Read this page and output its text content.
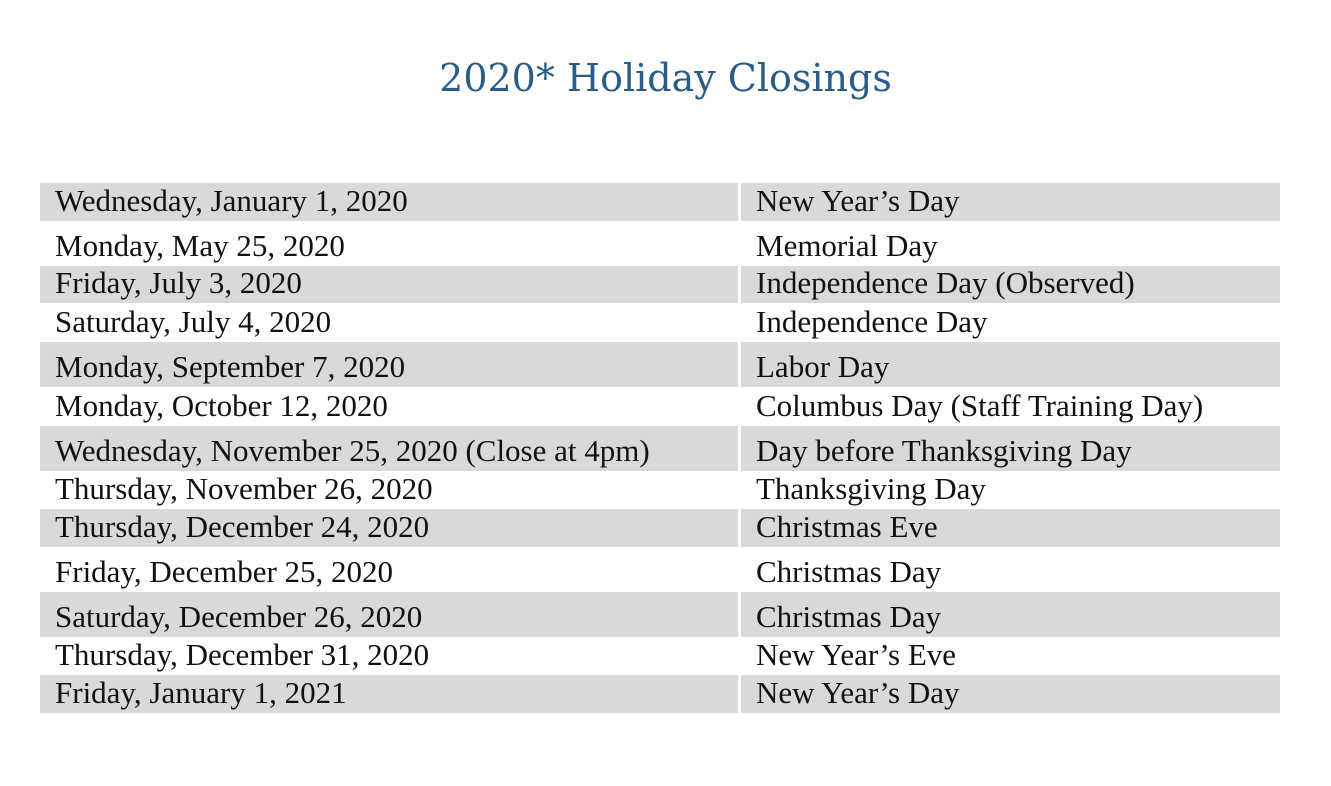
2020* Holiday Closings
Wednesday, January 1, 2020	New Year’s Day
Monday, May 25, 2020	Memorial Day
Friday, July 3, 2020	Independence Day (Observed)
Saturday, July 4, 2020	Independence Day
Monday, September 7, 2020	Labor Day
Monday, October 12, 2020	Columbus Day (Staff Training Day)
Wednesday, November 25, 2020 (Close at 4pm)	Day before Thanksgiving Day
Thursday, November 26, 2020	Thanksgiving Day
Thursday, December 24, 2020	Christmas Eve
Friday, December 25, 2020	Christmas Day
Saturday, December 26, 2020	Christmas Day
Thursday, December 31, 2020	New Year’s Eve
Friday, January 1, 2021	New Year’s Day
